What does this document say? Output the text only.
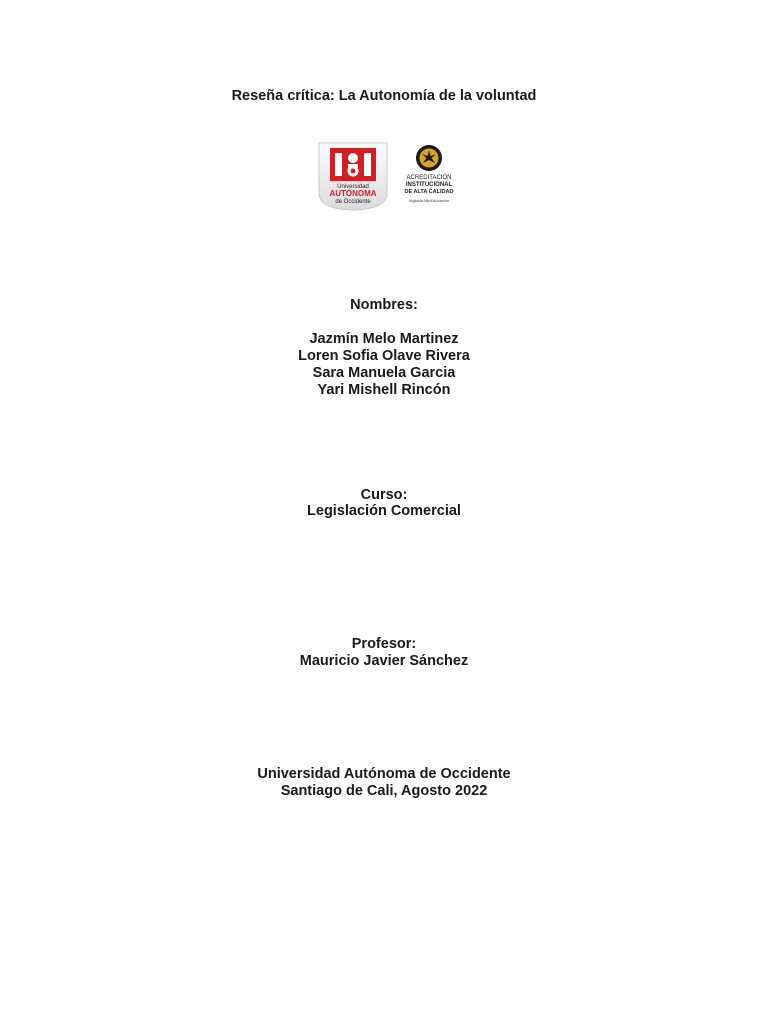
Reseña crítica: La Autonomía de la voluntad
Universidad
AUTÓNOMA
de Occidente
ACREDITACIÓN
INSTITUCIONAL
DE ALTA CALIDAD
Vigilada MinEducación
Nombres:
Jazmín Melo Martinez
Loren Sofia Olave Rivera
Sara Manuela Garcia
Yari Mishell Rincón
Curso:
Legislación Comercial
Profesor:
Mauricio Javier Sánchez
Universidad Autónoma de Occidente
Santiago de Cali, Agosto 2022
